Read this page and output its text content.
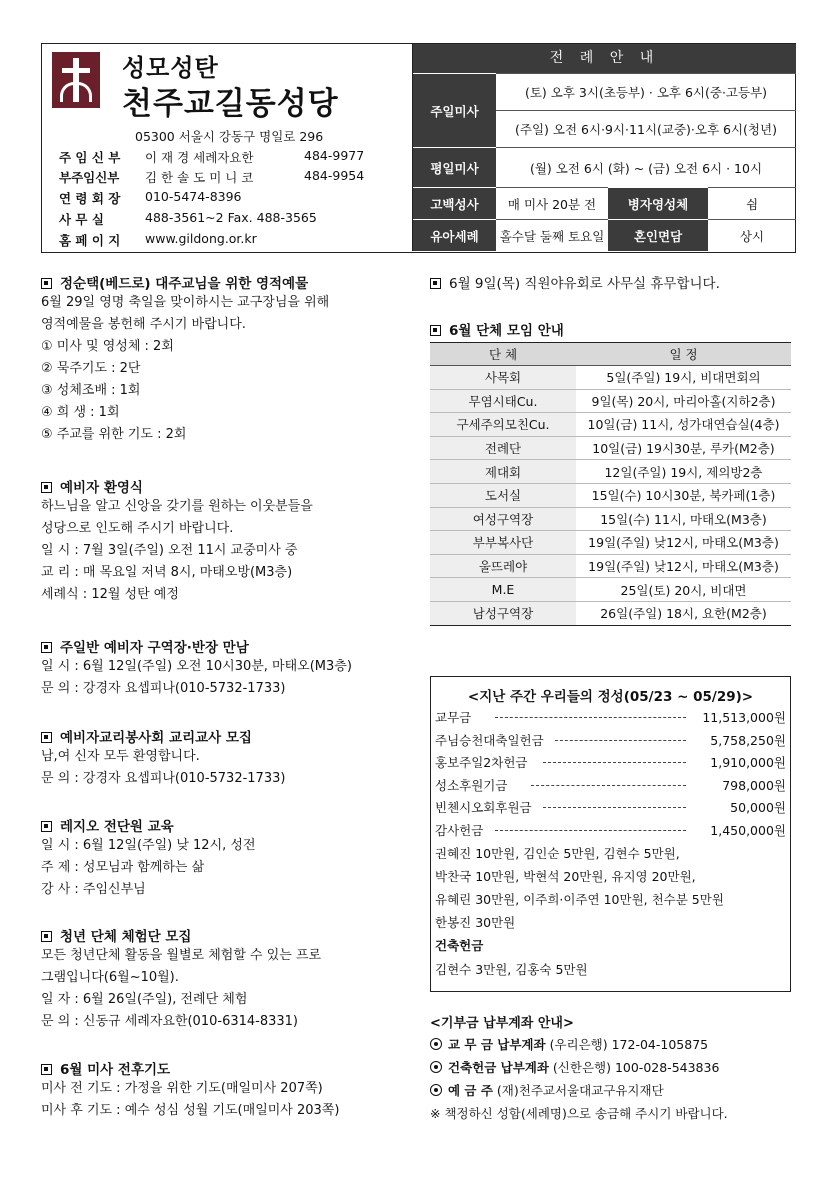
성모성탄
천주교길동성당
05300 서울시 강동구 명일로 296
주 임 신 부	이 재 경 세례자요한	484-9977
부주임신부	김 한 솔 도 미 니 코	484-9954
연 령 회 장	010-5474-8396
사 무 실	488-3561~2 Fax. 488-3565
홈 페 이 지	www.gildong.or.kr
전 례 안 내
주일미사
(토) 오후 3시(초등부) · 오후 6시(중·고등부)
(주일) 오전 6시·9시·11시(교중)·오후 6시(청년)
평일미사	(월) 오전 6시 (화) ~ (금) 오전 6시 · 10시
고백성사	매 미사 20분 전	병자영성체	쉼
유아세례	홀수달 둘째 토요일	혼인면담	상시
정순택(베드로) 대주교님을 위한 영적예물
6월 29일 영명 축일을 맞이하시는 교구장님을 위해
영적예물을 봉헌해 주시기 바랍니다.
① 미사 및 영성체 : 2회
② 묵주기도 : 2단
③ 성체조배 : 1회
④ 희 생 : 1회
⑤ 주교를 위한 기도 : 2회
예비자 환영식
하느님을 알고 신앙을 갖기를 원하는 이웃분들을
성당으로 인도해 주시기 바랍니다.
일 시 : 7월 3일(주일) 오전 11시 교중미사 중
교 리 : 매 목요일 저녁 8시, 마태오방(M3층)
세례식 : 12월 성탄 예정
주일반 예비자 구역장·반장 만남
일 시 : 6월 12일(주일) 오전 10시30분, 마태오(M3층)
문 의 : 강경자 요셉피나(010-5732-1733)
예비자교리봉사회 교리교사 모집
남,여 신자 모두 환영합니다.
문 의 : 강경자 요셉피나(010-5732-1733)
레지오 전단원 교육
일 시 : 6월 12일(주일) 낮 12시, 성전
주 제 : 성모님과 함께하는 삶
강 사 : 주임신부님
청년 단체 체험단 모집
모든 청년단체 활동을 월별로 체험할 수 있는 프로
그램입니다(6월~10월).
일 자 : 6월 26일(주일), 전례단 체험
문 의 : 신동규 세례자요한(010-6314-8331)
6월 미사 전후기도
미사 전 기도 : 가정을 위한 기도(매일미사 207쪽)
미사 후 기도 : 예수 성심 성월 기도(매일미사 203쪽)
6월 9일(목) 직원야유회로 사무실 휴무합니다.
6월 단체 모임 안내
단 체	일 정
사목회	5일(주일) 19시, 비대면회의
무염시태Cu.	9일(목) 20시, 마리아홀(지하2층)
구세주의모친Cu.	10일(금) 11시, 성가대연습실(4층)
전례단	10일(금) 19시30분, 루카(M2층)
제대회	12일(주일) 19시, 제의방2층
도서실	15일(수) 10시30분, 북카페(1층)
여성구역장	15일(수) 11시, 마태오(M3층)
부부복사단	19일(주일) 낮12시, 마태오(M3층)
울뜨레야	19일(주일) 낮12시, 마태오(M3층)
M.E	25일(토) 20시, 비대면
남성구역장	26일(주일) 18시, 요한(M2층)
<지난 주간 우리들의 정성(05/23 ~ 05/29)>
교무금	11,513,000원
주님승천대축일헌금	5,758,250원
홍보주일2차헌금	1,910,000원
성소후원기금	798,000원
빈첸시오회후원금	50,000원
감사헌금	1,450,000원
권혜진 10만원, 김인순 5만원, 김현수 5만원,
박찬국 10만원, 박현석 20만원, 유지영 20만원,
유혜린 30만원, 이주희·이주연 10만원, 천수분 5만원
한봉진 30만원
건축헌금
김현수 3만원, 김홍숙 5만원
<기부금 납부계좌 안내>
교 무 금 납부계좌 (우리은행) 172-04-105875
건축헌금 납부계좌 (신한은행) 100-028-543836
예 금 주 (재)천주교서울대교구유지재단
※ 책정하신 성함(세례명)으로 송금해 주시기 바랍니다.
